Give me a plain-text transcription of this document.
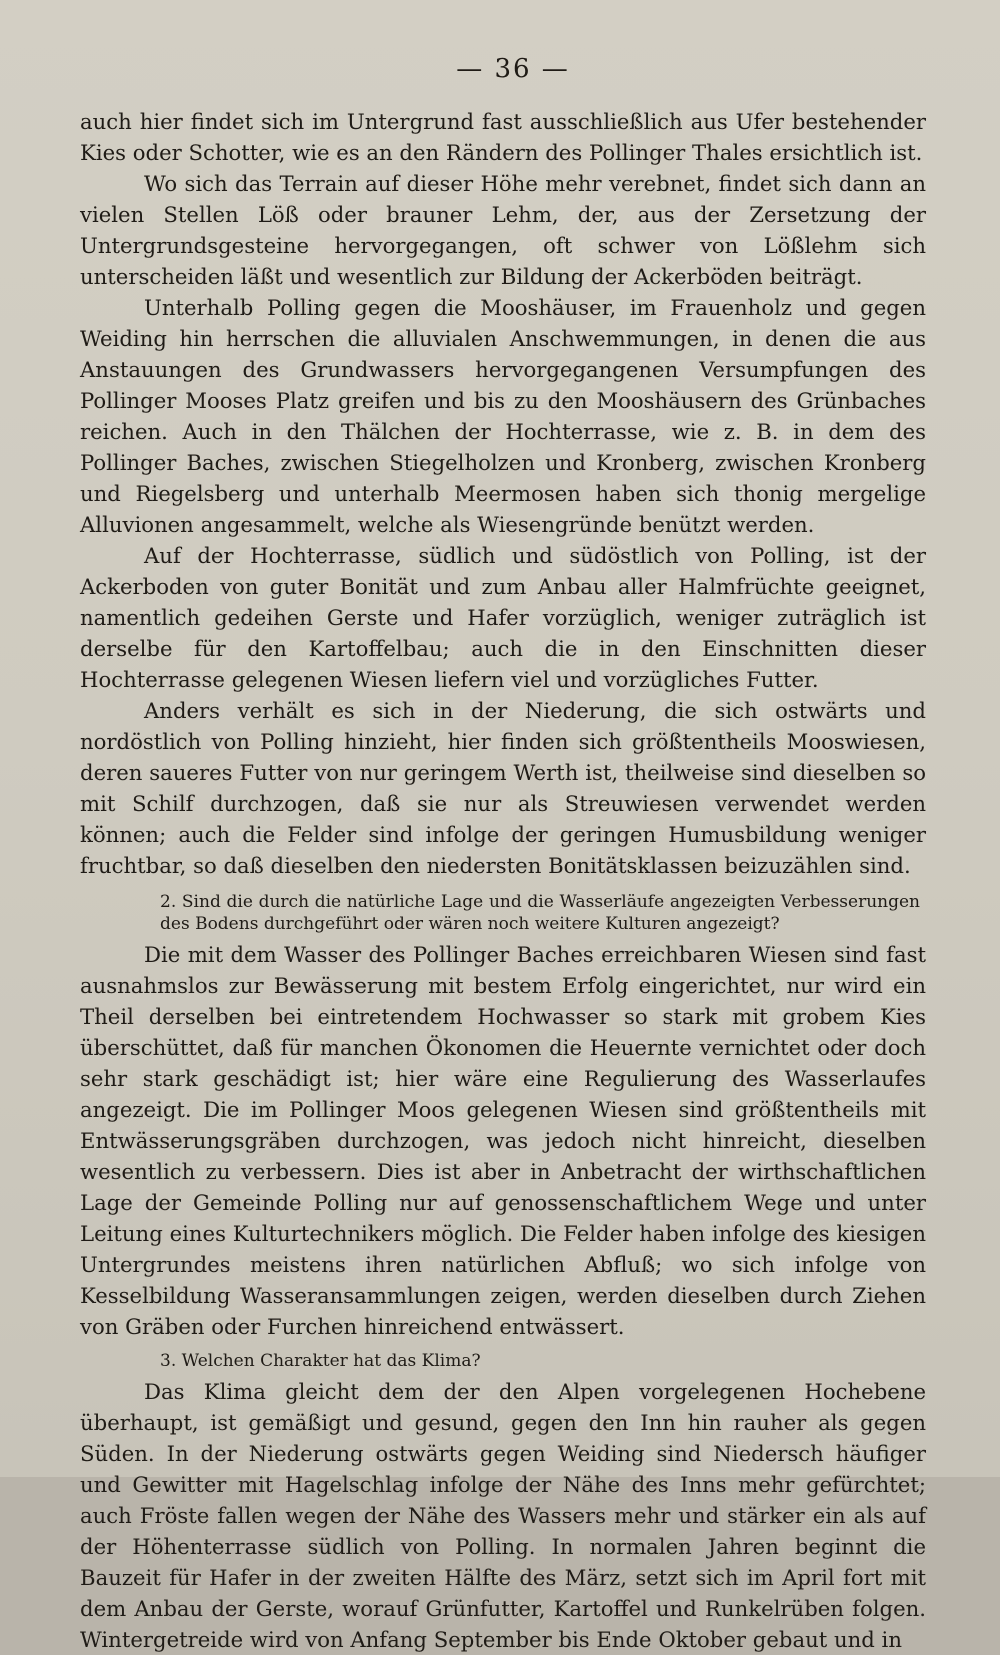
— 36 —

auch hier findet sich im Untergrund fast ausschließlich aus Ufer bestehender Kies oder Schotter, wie es an den Rändern des Pollinger Thales ersichtlich ist.

Wo sich das Terrain auf dieser Höhe mehr verebnet, findet sich dann an vielen Stellen Löß oder brauner Lehm, der, aus der Zersetzung der Untergrundsgesteine hervorgegangen, oft schwer von Lößlehm sich unterscheiden läßt und wesentlich zur Bildung der Ackerböden beiträgt.

Unterhalb Polling gegen die Mooshäuser, im Frauenholz und gegen Weiding hin herrschen die alluvialen Anschwemmungen, in denen die aus Anstauungen des Grundwassers hervorgegangenen Versumpfungen des Pollinger Mooses Platz greifen und bis zu den Mooshäusern des Grünbaches reichen. Auch in den Thälchen der Hochterrasse, wie z. B. in dem des Pollinger Baches, zwischen Stiegelholzen und Kronberg, zwischen Kronberg und Riegelsberg und unterhalb Meermosen haben sich thonig mergelige Alluvionen angesammelt, welche als Wiesengründe benützt werden.

Auf der Hochterrasse, südlich und südöstlich von Polling, ist der Ackerboden von guter Bonität und zum Anbau aller Halmfrüchte geeignet, namentlich gedeihen Gerste und Hafer vorzüglich, weniger zuträglich ist derselbe für den Kartoffelbau; auch die in den Einschnitten dieser Hochterrasse gelegenen Wiesen liefern viel und vorzügliches Futter.

Anders verhält es sich in der Niederung, die sich ostwärts und nordöstlich von Polling hinzieht, hier finden sich größtentheils Mooswiesen, deren saueres Futter von nur geringem Werth ist, theilweise sind dieselben so mit Schilf durchzogen, daß sie nur als Streuwiesen verwendet werden können; auch die Felder sind infolge der geringen Humusbildung weniger fruchtbar, so daß dieselben den niedersten Bonitätsklassen beizuzählen sind.

2. Sind die durch die natürliche Lage und die Wasserläufe angezeigten Verbesserungen des Bodens durchgeführt oder wären noch weitere Kulturen angezeigt?

Die mit dem Wasser des Pollinger Baches erreichbaren Wiesen sind fast ausnahmslos zur Bewässerung mit bestem Erfolg eingerichtet, nur wird ein Theil derselben bei eintretendem Hochwasser so stark mit grobem Kies überschüttet, daß für manchen Ökonomen die Heuernte vernichtet oder doch sehr stark geschädigt ist; hier wäre eine Regulierung des Wasserlaufes angezeigt. Die im Pollinger Moos gelegenen Wiesen sind größtentheils mit Entwässerungsgräben durchzogen, was jedoch nicht hinreicht, dieselben wesentlich zu verbessern. Dies ist aber in Anbetracht der wirthschaftlichen Lage der Gemeinde Polling nur auf genossenschaftlichem Wege und unter Leitung eines Kulturtechnikers möglich. Die Felder haben infolge des kiesigen Untergrundes meistens ihren natürlichen Abfluß; wo sich infolge von Kesselbildung Wasseransammlungen zeigen, werden dieselben durch Ziehen von Gräben oder Furchen hinreichend entwässert.

3. Welchen Charakter hat das Klima?

Das Klima gleicht dem der den Alpen vorgelegenen Hochebene überhaupt, ist gemäßigt und gesund, gegen den Inn hin rauher als gegen Süden. In der Niederung ostwärts gegen Weiding sind Niedersch häufiger und Gewitter mit Hagelschlag infolge der Nähe des Inns mehr gefürchtet; auch Fröste fallen wegen der Nähe des Wassers mehr und stärker ein als auf der Höhenterrasse südlich von Polling. In normalen Jahren beginnt die Bauzeit für Hafer in der zweiten Hälfte des März, setzt sich im April fort mit dem Anbau der Gerste, worauf Grünfutter, Kartoffel und Runkelrüben folgen. Wintergetreide wird von Anfang September bis Ende Oktober gebaut und in
